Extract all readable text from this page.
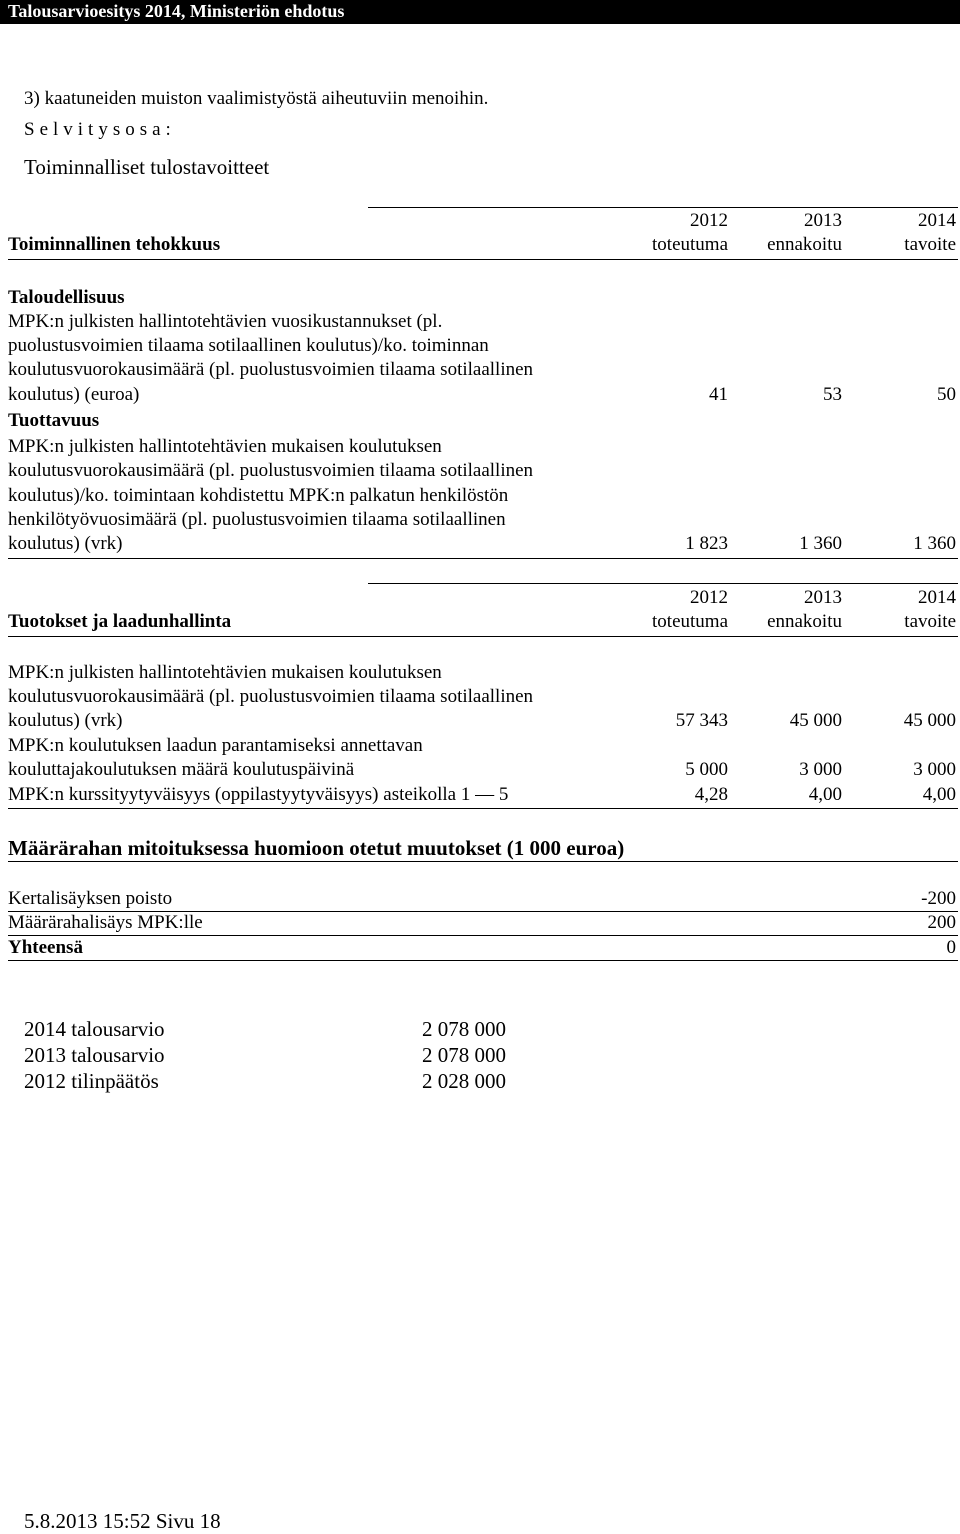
Talousarvioesitys 2014, Ministeriön ehdotus
3) kaatuneiden muiston vaalimistyöstä aiheutuviin menoihin.
Selvitysosa:
Toiminnalliset tulostavoitteet
2012	2013	2014
Toiminnallinen tehokkuus	toteutuma	ennakoitu	tavoite
Taloudellisuus
MPK:n julkisten hallintotehtävien vuosikustannukset (pl.
puolustusvoimien tilaama sotilaallinen koulutus)/ko. toiminnan
koulutusvuorokausimäärä (pl. puolustusvoimien tilaama sotilaallinen
koulutus) (euroa)	41	53	50
Tuottavuus
MPK:n julkisten hallintotehtävien mukaisen koulutuksen
koulutusvuorokausimäärä (pl. puolustusvoimien tilaama sotilaallinen
koulutus)/ko. toimintaan kohdistettu MPK:n palkatun henkilöstön
henkilötyövuosimäärä (pl. puolustusvoimien tilaama sotilaallinen
koulutus) (vrk)	1 823	1 360	1 360
2012	2013	2014
Tuotokset ja laadunhallinta	toteutuma	ennakoitu	tavoite
MPK:n julkisten hallintotehtävien mukaisen koulutuksen
koulutusvuorokausimäärä (pl. puolustusvoimien tilaama sotilaallinen
koulutus) (vrk)	57 343	45 000	45 000
MPK:n koulutuksen laadun parantamiseksi annettavan
kouluttajakoulutuksen määrä koulutuspäivinä	5 000	3 000	3 000
MPK:n kurssityytyväisyys (oppilastyytyväisyys) asteikolla 1 — 5	4,28	4,00	4,00
Määrärahan mitoituksessa huomioon otetut muutokset (1 000 euroa)
Kertalisäyksen poisto	-200
Määrärahalisäys MPK:lle	200
Yhteensä	0
2014 talousarvio	2 078 000
2013 talousarvio	2 078 000
2012 tilinpäätös	2 028 000
5.8.2013 15:52 Sivu 18
